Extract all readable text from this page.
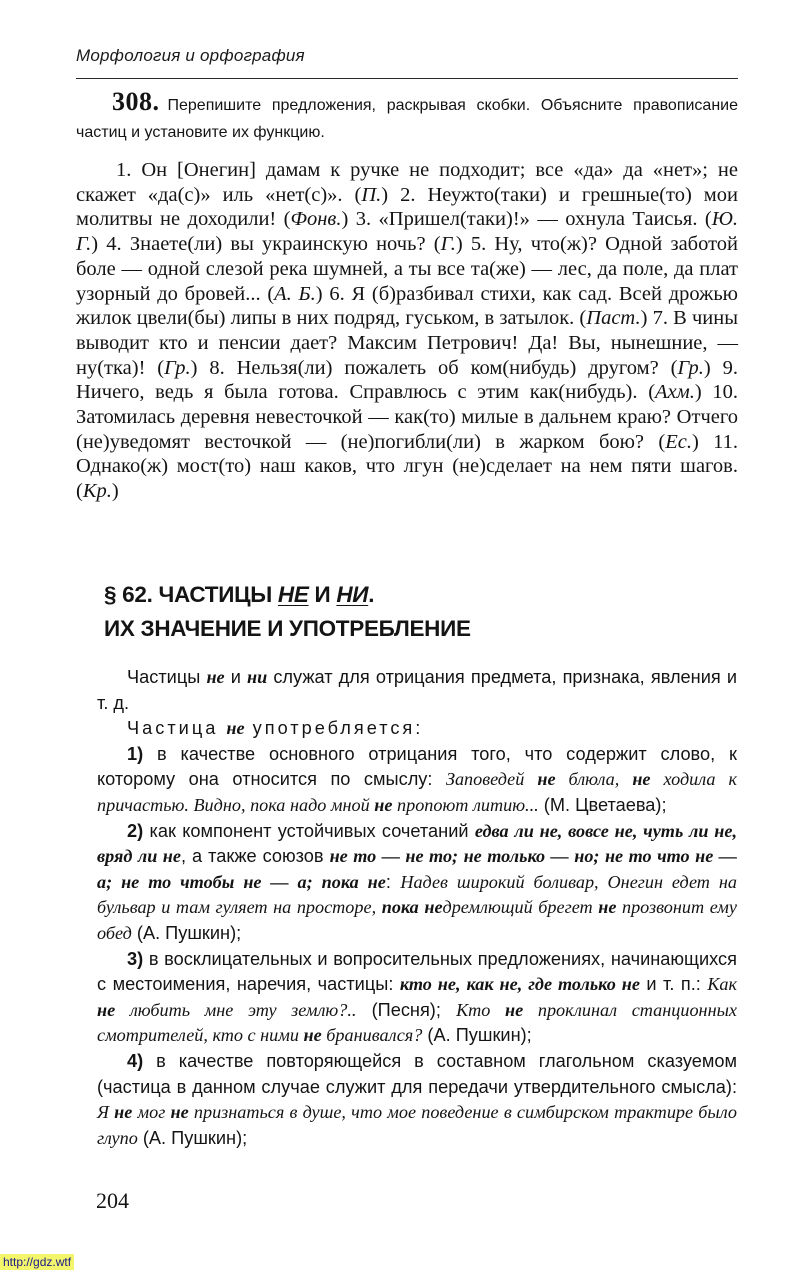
Морфология и орфография
308. Перепишите предложения, раскрывая скобки. Объясните правописание частиц и установите их функцию.
1. Он [Онегин] дамам к ручке не подходит; все «да» да «нет»; не скажет «да(с)» иль «нет(с)». (П.) 2. Неужто(таки) и грешные(то) мои молитвы не доходили! (Фонв.) 3. «Пришел(таки)!» — охнула Таисья. (Ю. Г.) 4. Знаете(ли) вы украинскую ночь? (Г.) 5. Ну, что(ж)? Одной заботой боле — одной слезой река шумней, а ты все та(же) — лес, да поле, да плат узорный до бровей... (А. Б.) 6. Я (б)разбивал стихи, как сад. Всей дрожью жилок цвели(бы) липы в них подряд, гуськом, в затылок. (Паст.) 7. В чины выводит кто и пенсии дает? Максим Петрович! Да! Вы, нынешние, — ну(тка)! (Гр.) 8. Нельзя(ли) пожалеть об ком(нибудь) другом? (Гр.) 9. Ничего, ведь я была готова. Справлюсь с этим как(нибудь). (Ахм.) 10. Затомилась деревня невесточкой — как(то) милые в дальнем краю? Отчего (не)уведомят весточкой — (не)погибли(ли) в жарком бою? (Ес.) 11. Однако(ж) мост(то) наш каков, что лгун (не)сделает на нем пяти шагов. (Кр.)
§ 62. ЧАСТИЦЫ НЕ И НИ.
ИХ ЗНАЧЕНИЕ И УПОТРЕБЛЕНИЕ

Частицы не и ни служат для отрицания предмета, признака, явления и т. д.

Частица не употребляется:

1) в качестве основного отрицания того, что содержит слово, к которому она относится по смыслу: Заповедей не блюла, не ходила к причастью. Видно, пока надо мной не пропоют литию... (М. Цветаева);

2) как компонент устойчивых сочетаний едва ли не, вовсе не, чуть ли не, вряд ли не, а также союзов не то — не то; не только — но; не то что не — а; не то чтобы не — а; пока не: Надев широкий боливар, Онегин едет на бульвар и там гуляет на просторе, пока недремлющий брегет не прозвонит ему обед (А. Пушкин);

3) в восклицательных и вопросительных предложениях, начинающихся с местоимения, наречия, частицы: кто не, как не, где только не и т. п.: Как не любить мне эту землю?.. (Песня); Кто не проклинал станционных смотрителей, кто с ними не бранивался? (А. Пушкин);

4) в качестве повторяющейся в составном глагольном сказуемом (частица в данном случае служит для передачи утвердительного смысла): Я не мог не признаться в душе, что мое поведение в симбирском трактире было глупо (А. Пушкин);

204
http://gdz.wtf
